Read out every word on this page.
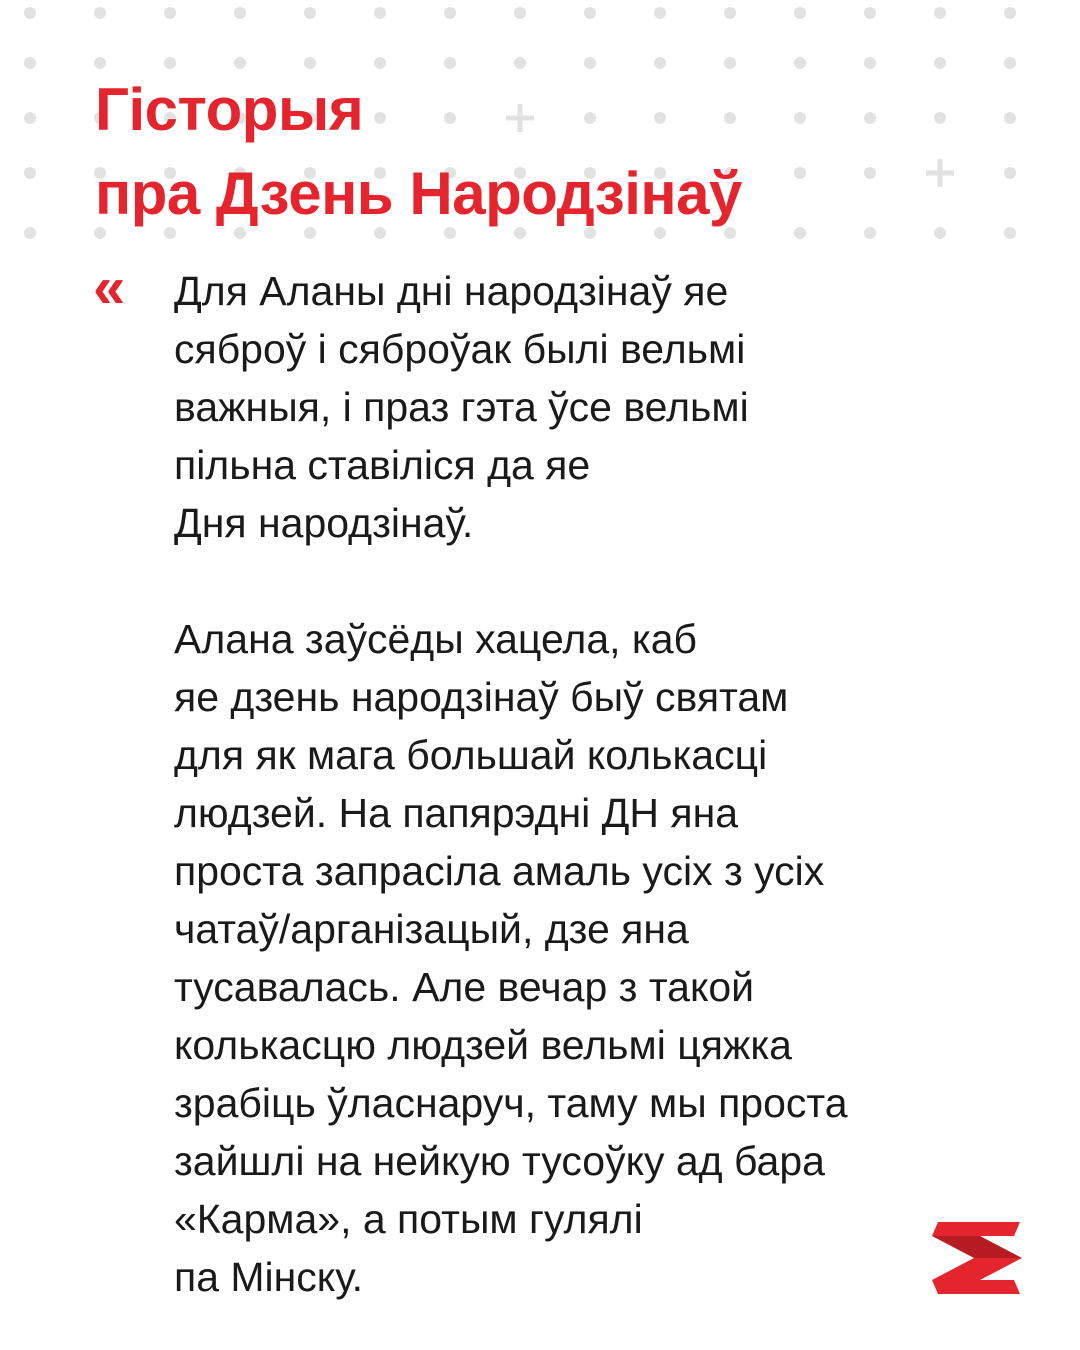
Гісторыя
пра Дзень Народзінаў
« Для Аланы дні народзінаў яе
сяброў і сяброўак былі вельмі
важныя, і праз гэта ўсе вельмі
пільна ставіліся да яе
Дня народзінаў.

Алана заўсёды хацела, каб
яе дзень народзінаў быў святам
для як мага большай колькасці
людзей. На папярэдні ДН яна
проста запрасіла амаль усіх з усіх
чатаў/арганізацый, дзе яна
тусавалась. Але вечар з такой
колькасцю людзей вельмі цяжка
зрабіць ўласнаруч, таму мы проста
зайшлі на нейкую тусоўку ад бара
«Карма», а потым гулялі
па Мінску.
